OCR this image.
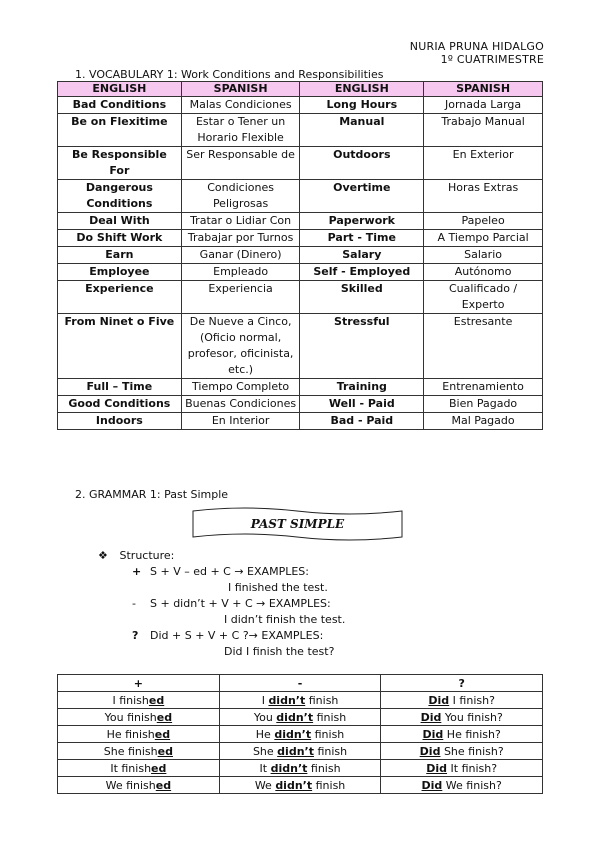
NURIA PRUNA HIDALGO
1º CUATRIMESTRE
1. VOCABULARY 1: Work Conditions and Responsibilities
ENGLISH	SPANISH	ENGLISH	SPANISH
Bad Conditions	Malas Condiciones	Long Hours	Jornada Larga
Be on Flexitime	Estar o Tener un Horario Flexible	Manual	Trabajo Manual
Be Responsible For	Ser Responsable de	Outdoors	En Exterior
Dangerous Conditions	Condiciones Peligrosas	Overtime	Horas Extras
Deal With	Tratar o Lidiar Con	Paperwork	Papeleo
Do Shift Work	Trabajar por Turnos	Part - Time	A Tiempo Parcial
Earn	Ganar (Dinero)	Salary	Salario
Employee	Empleado	Self - Employed	Autónomo
Experience	Experiencia	Skilled	Cualificado / Experto
From Ninet o Five	De Nueve a Cinco, (Oficio normal, profesor, oficinista, etc.)	Stressful	Estresante
Full – Time	Tiempo Completo	Training	Entrenamiento
Good Conditions	Buenas Condiciones	Well - Paid	Bien Pagado
Indoors	En Interior	Bad - Paid	Mal Pagado
2. GRAMMAR 1: Past Simple
PAST SIMPLE
❖ Structure:
+ S + V – ed + C → EXAMPLES:
I finished the test.
- S + didn’t + V + C → EXAMPLES:
I didn’t finish the test.
? Did + S + V + C ?→ EXAMPLES:
Did I finish the test?
+	-	?
I finished	I didn’t finish	Did I finish?
You finished	You didn’t finish	Did You finish?
He finished	He didn’t finish	Did He finish?
She finished	She didn’t finish	Did She finish?
It finished	It didn’t finish	Did It finish?
We finished	We didn’t finish	Did We finish?
